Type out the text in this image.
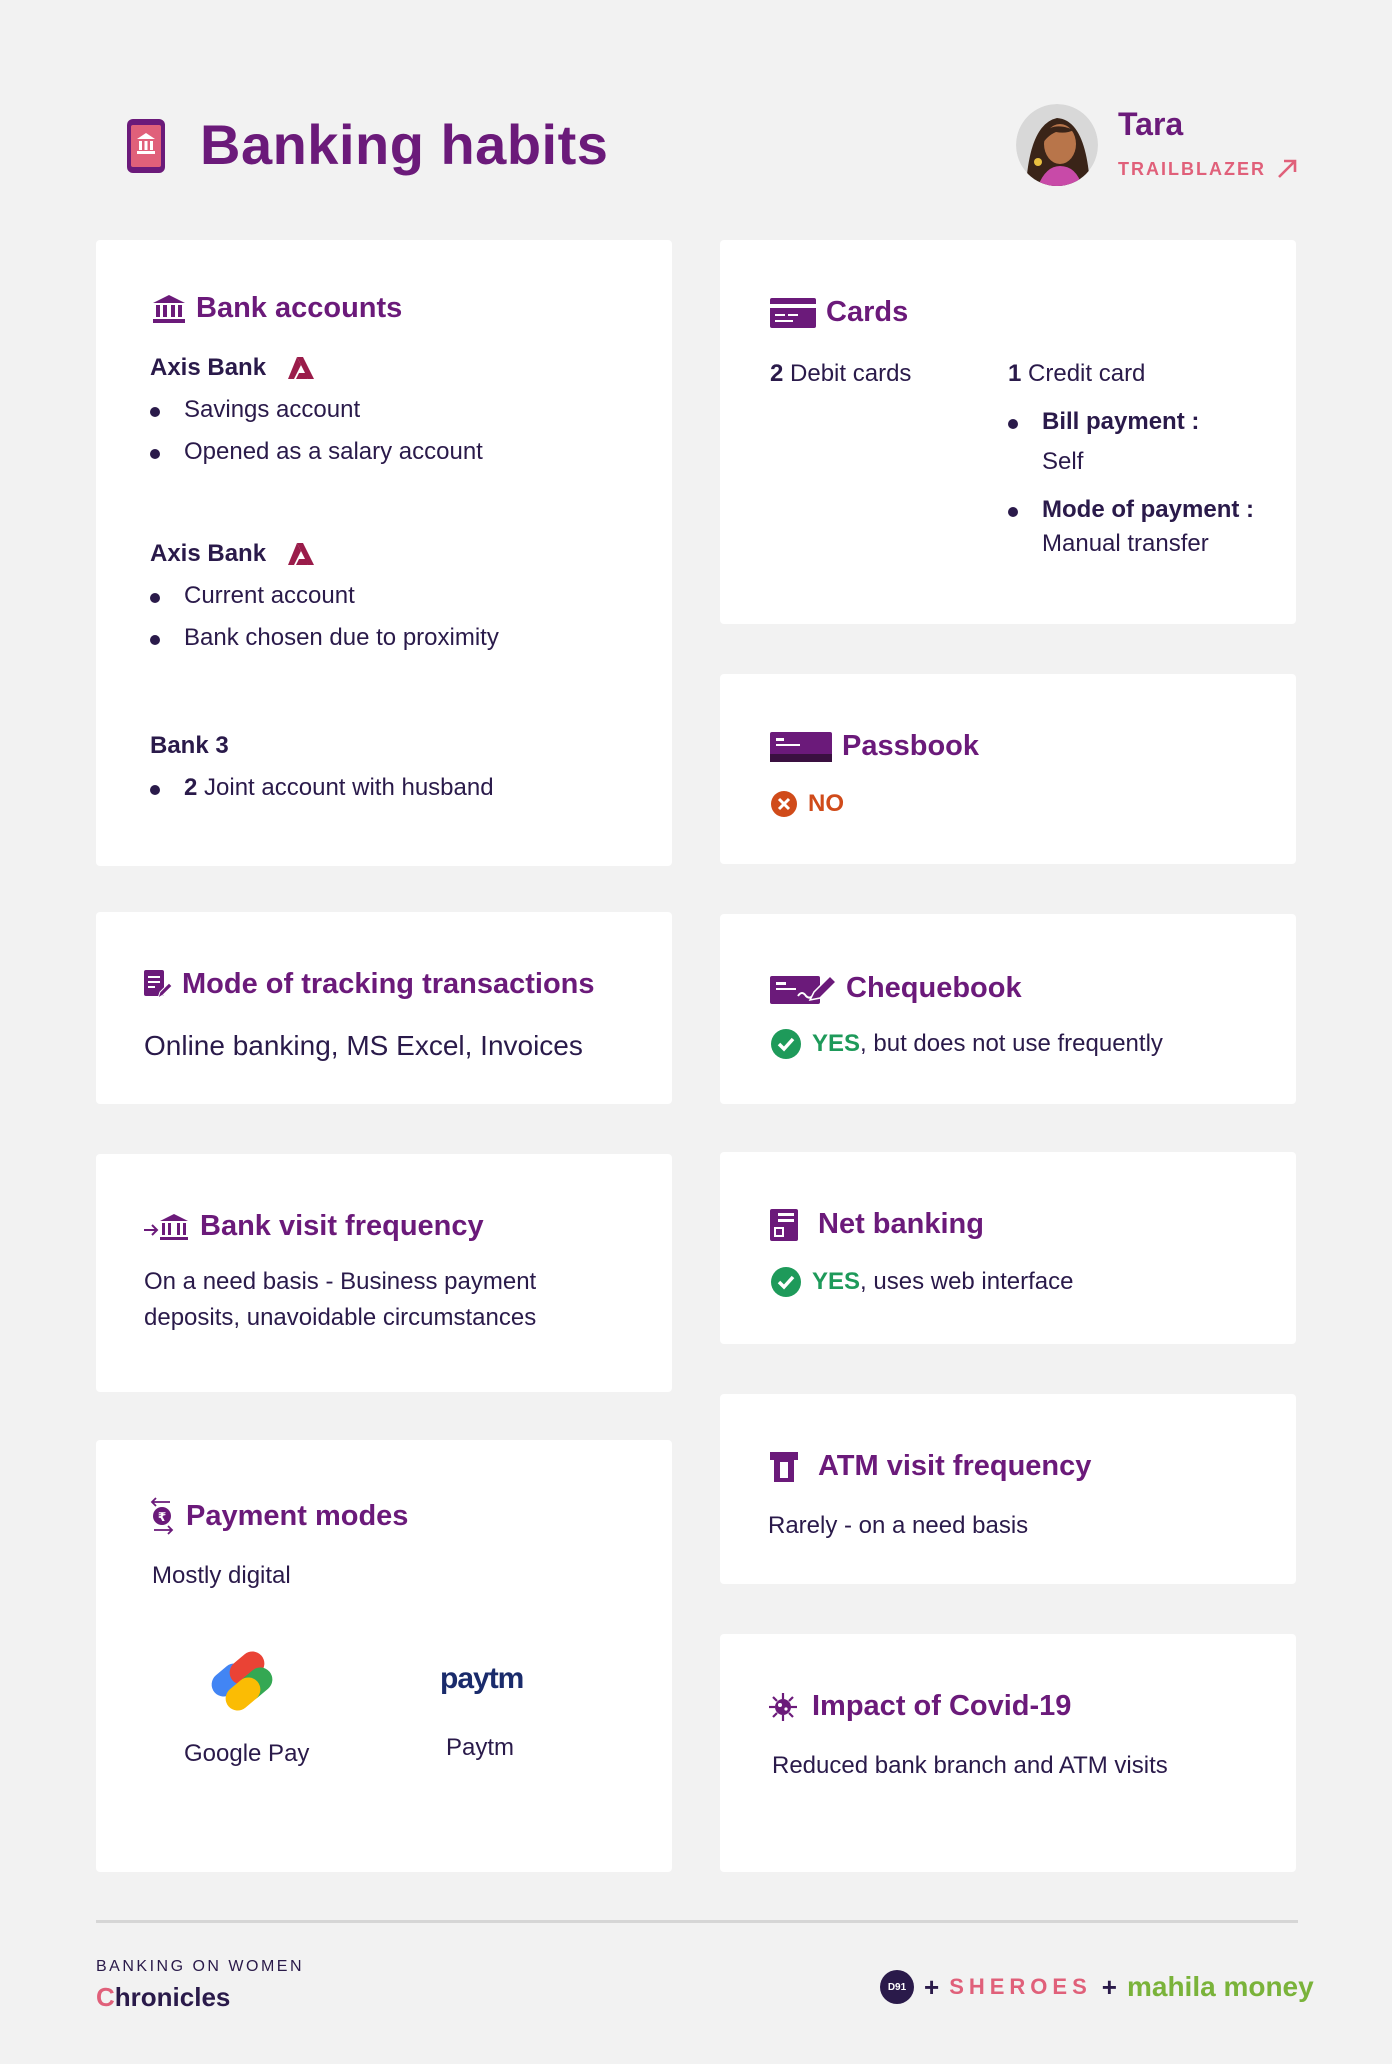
Banking habits	Tara
TRAILBLAZER
Bank accounts
Axis Bank
Savings account
Opened as a salary account
Axis Bank
Current account
Bank chosen due to proximity
Bank 3
2 Joint account with husband
Cards
2 Debit cards	1 Credit card
Bill payment :
Self
Mode of payment :
Manual transfer
Passbook
NO
Mode of tracking transactions
Online banking, MS Excel, Invoices
Chequebook
YES, but does not use frequently
Bank visit frequency
On a need basis - Business payment
deposits, unavoidable circumstances
Net banking
YES, uses web interface
₹ Payment modes
Mostly digital
Google Pay
paytm
Paytm
ATM visit frequency
Rarely - on a need basis
Impact of Covid-19
Reduced bank branch and ATM visits
BANKING ON WOMEN
Chronicles	D91 + SHEROES + mahila money
